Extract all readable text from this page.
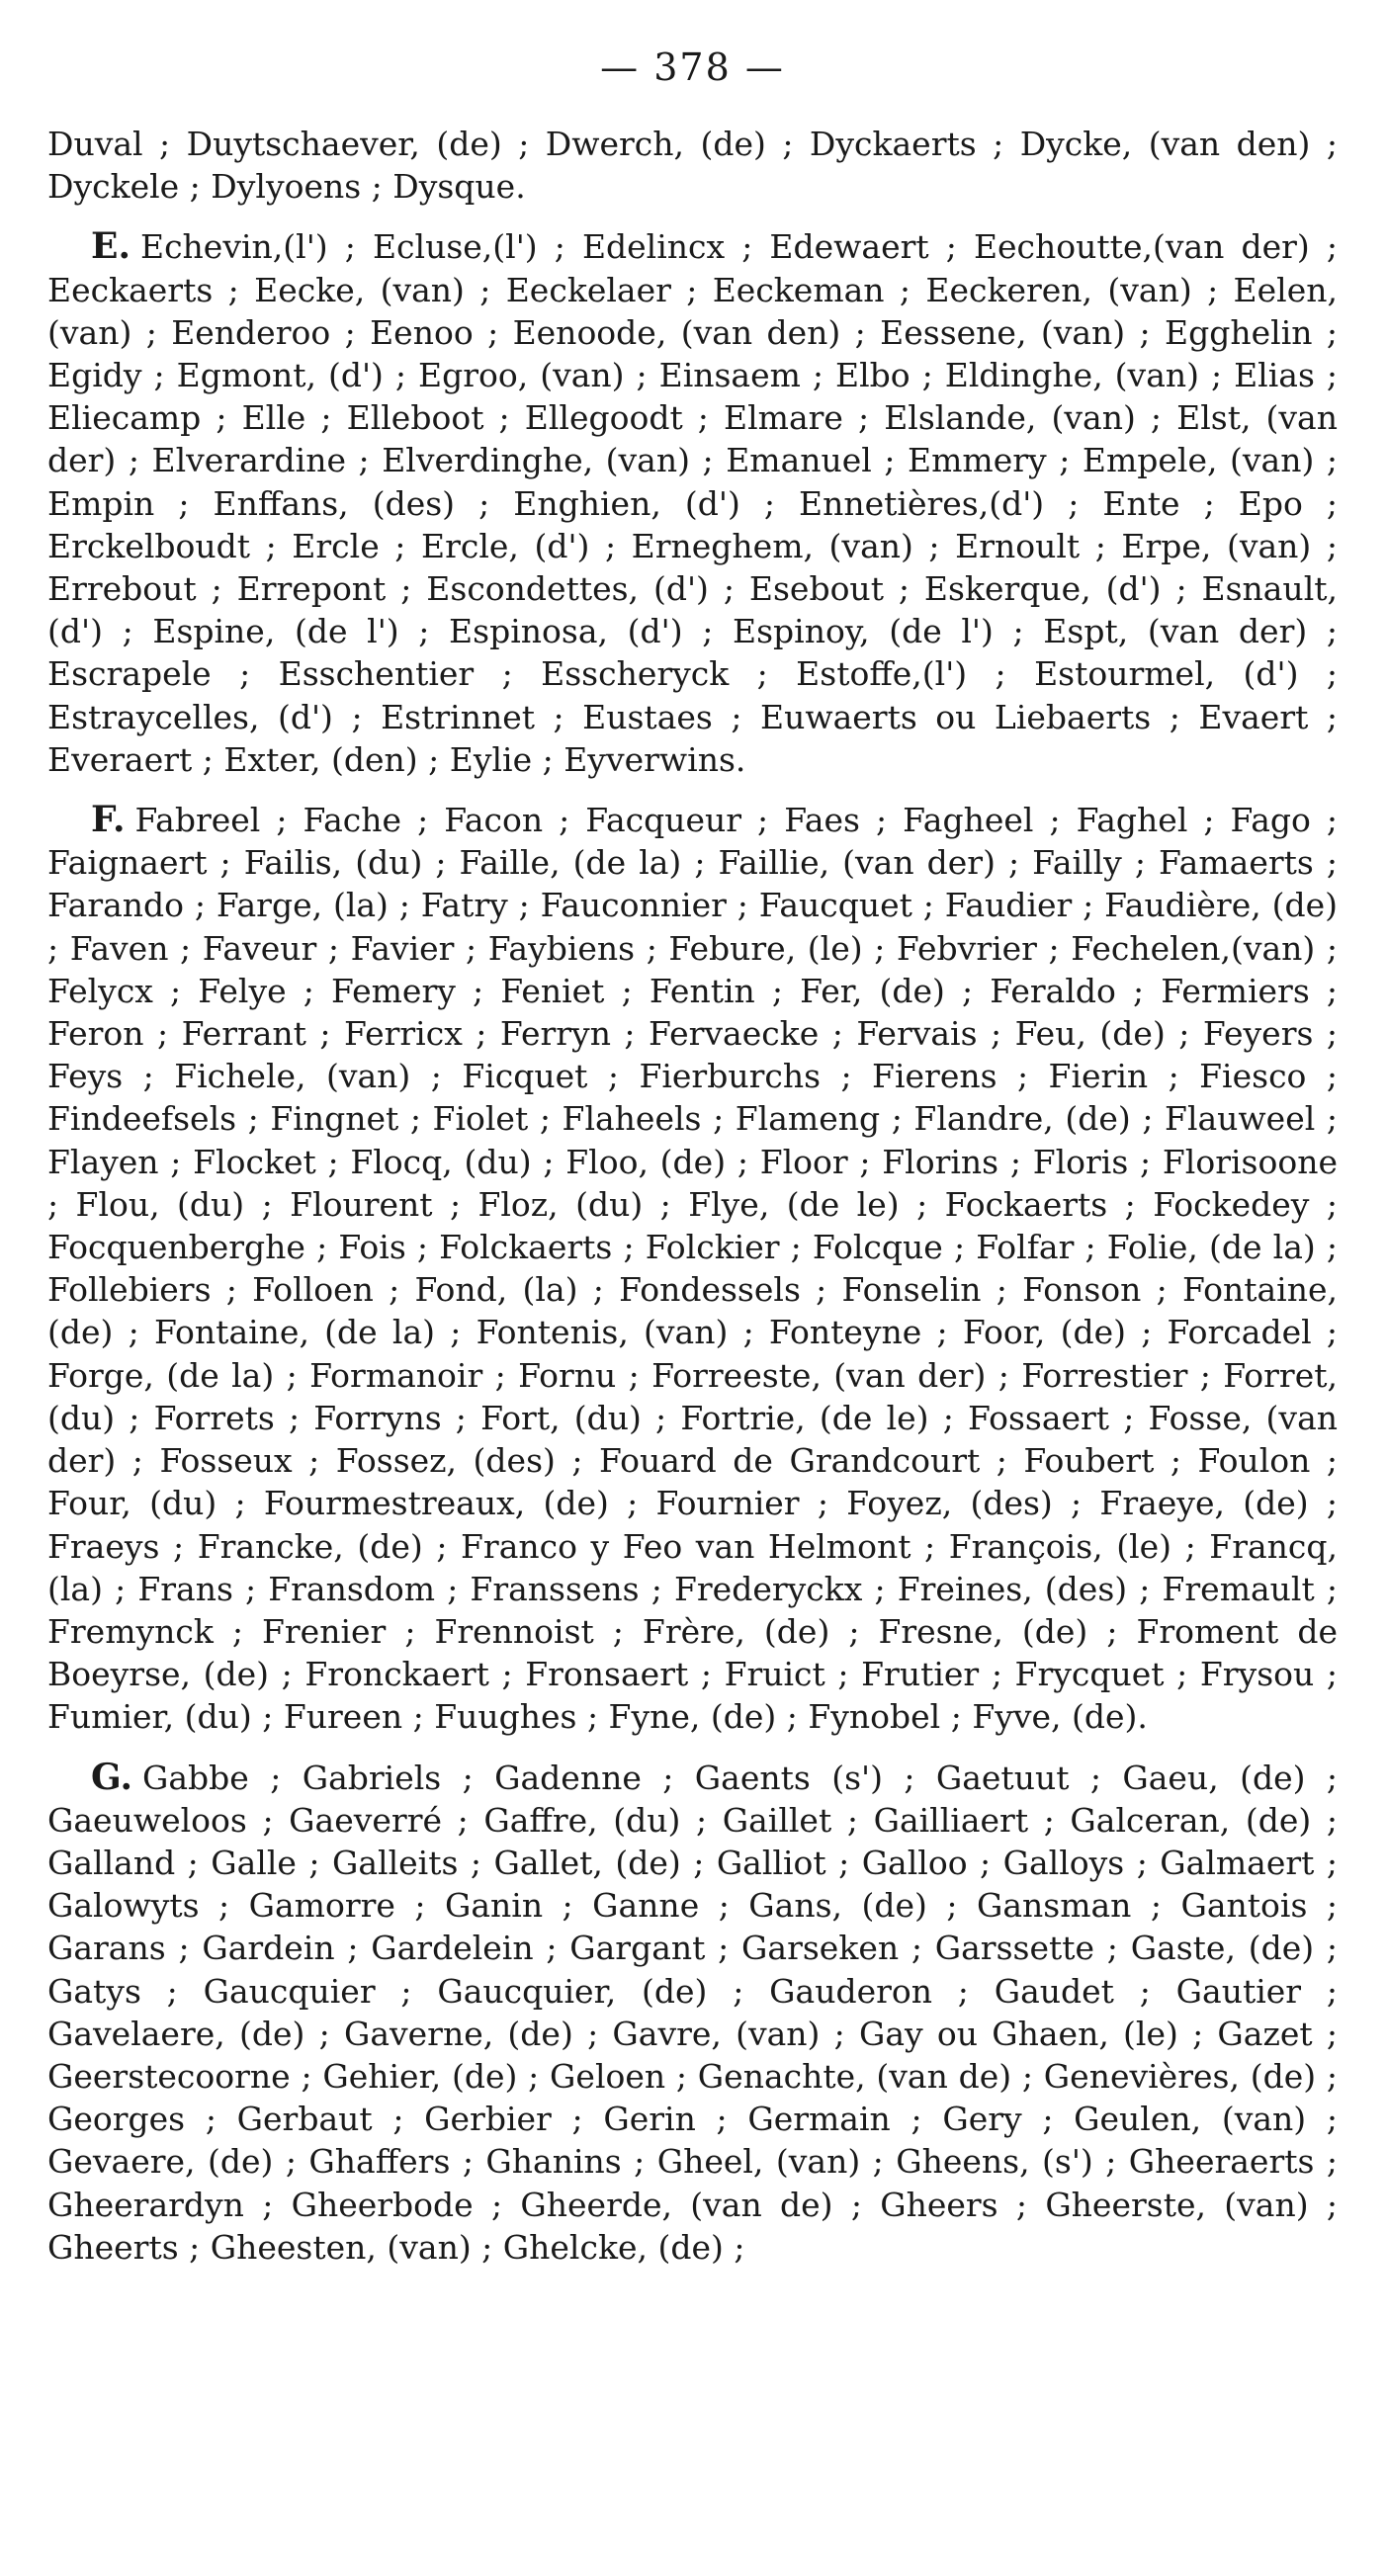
— 378 —

Duval ; Duytschaever, (de) ; Dwerch, (de) ; Dyckaerts ; Dycke, (van den) ; Dyckele ; Dylyoens ; Dysque.

E. Echevin,(l') ; Ecluse,(l') ; Edelincx ; Edewaert ; Eechoutte,(van der) ; Eeckaerts ; Eecke, (van) ; Eeckelaer ; Eeckeman ; Eeckeren, (van) ; Eelen, (van) ; Eenderoo ; Eenoo ; Eenoode, (van den) ; Eessene, (van) ; Egghelin ; Egidy ; Egmont, (d') ; Egroo, (van) ; Einsaem ; Elbo ; Eldinghe, (van) ; Elias ; Eliecamp ; Elle ; Elleboot ; Ellegoodt ; Elmare ; Elslande, (van) ; Elst, (van der) ; Elverardine ; Elverdinghe, (van) ; Emanuel ; Emmery ; Empele, (van) ; Empin ; Enffans, (des) ; Enghien, (d') ; Ennetières,(d') ; Ente ; Epo ; Erckelboudt ; Ercle ; Ercle, (d') ; Erneghem, (van) ; Ernoult ; Erpe, (van) ; Errebout ; Errepont ; Escondettes, (d') ; Esebout ; Eskerque, (d') ; Esnault, (d') ; Espine, (de l') ; Espinosa, (d') ; Espinoy, (de l') ; Espt, (van der) ; Escrapele ; Esschentier ; Esscheryck ; Estoffe,(l') ; Estourmel, (d') ; Estraycelles, (d') ; Estrinnet ; Eustaes ; Euwaerts ou Liebaerts ; Evaert ; Everaert ; Exter, (den) ; Eylie ; Eyverwins.

F. Fabreel ; Fache ; Facon ; Facqueur ; Faes ; Fagheel ; Faghel ; Fago ; Faignaert ; Failis, (du) ; Faille, (de la) ; Faillie, (van der) ; Failly ; Famaerts ; Farando ; Farge, (la) ; Fatry ; Fauconnier ; Faucquet ; Faudier ; Faudière, (de) ; Faven ; Faveur ; Favier ; Faybiens ; Febure, (le) ; Febvrier ; Fechelen,(van) ; Felycx ; Felye ; Femery ; Feniet ; Fentin ; Fer, (de) ; Feraldo ; Fermiers ; Feron ; Ferrant ; Ferricx ; Ferryn ; Fervaecke ; Fervais ; Feu, (de) ; Feyers ; Feys ; Fichele, (van) ; Ficquet ; Fierburchs ; Fierens ; Fierin ; Fiesco ; Findeefsels ; Fingnet ; Fiolet ; Flaheels ; Flameng ; Flandre, (de) ; Flauweel ; Flayen ; Flocket ; Flocq, (du) ; Floo, (de) ; Floor ; Florins ; Floris ; Florisoone ; Flou, (du) ; Flourent ; Floz, (du) ; Flye, (de le) ; Fockaerts ; Fockedey ; Focquenberghe ; Fois ; Folckaerts ; Folckier ; Folcque ; Folfar ; Folie, (de la) ; Follebiers ; Folloen ; Fond, (la) ; Fondessels ; Fonselin ; Fonson ; Fontaine, (de) ; Fontaine, (de la) ; Fontenis, (van) ; Fonteyne ; Foor, (de) ; Forcadel ; Forge, (de la) ; Formanoir ; Fornu ; Forreeste, (van der) ; Forrestier ; Forret, (du) ; Forrets ; Forryns ; Fort, (du) ; Fortrie, (de le) ; Fossaert ; Fosse, (van der) ; Fosseux ; Fossez, (des) ; Fouard de Grandcourt ; Foubert ; Foulon ; Four, (du) ; Fourmestreaux, (de) ; Fournier ; Foyez, (des) ; Fraeye, (de) ; Fraeys ; Francke, (de) ; Franco y Feo van Helmont ; François, (le) ; Francq, (la) ; Frans ; Fransdom ; Franssens ; Frederyckx ; Freines, (des) ; Fremault ; Fremynck ; Frenier ; Frennoist ; Frère, (de) ; Fresne, (de) ; Froment de Boeyrse, (de) ; Fronckaert ; Fronsaert ; Fruict ; Frutier ; Frycquet ; Frysou ; Fumier, (du) ; Fureen ; Fuughes ; Fyne, (de) ; Fynobel ; Fyve, (de).

G. Gabbe ; Gabriels ; Gadenne ; Gaents (s') ; Gaetuut ; Gaeu, (de) ; Gaeuweloos ; Gaeverré ; Gaffre, (du) ; Gaillet ; Gailliaert ; Galceran, (de) ; Galland ; Galle ; Galleits ; Gallet, (de) ; Galliot ; Galloo ; Galloys ; Galmaert ; Galowyts ; Gamorre ; Ganin ; Ganne ; Gans, (de) ; Gansman ; Gantois ; Garans ; Gardein ; Gardelein ; Gargant ; Garseken ; Garssette ; Gaste, (de) ; Gatys ; Gaucquier ; Gaucquier, (de) ; Gauderon ; Gaudet ; Gautier ; Gavelaere, (de) ; Gaverne, (de) ; Gavre, (van) ; Gay ou Ghaen, (le) ; Gazet ; Geerstecoorne ; Gehier, (de) ; Geloen ; Genachte, (van de) ; Genevières, (de) ; Georges ; Gerbaut ; Gerbier ; Gerin ; Germain ; Gery ; Geulen, (van) ; Gevaere, (de) ; Ghaffers ; Ghanins ; Gheel, (van) ; Gheens, (s') ; Gheeraerts ; Gheerardyn ; Gheerbode ; Gheerde, (van de) ; Gheers ; Gheerste, (van) ; Gheerts ; Gheesten, (van) ; Ghelcke, (de) ;
